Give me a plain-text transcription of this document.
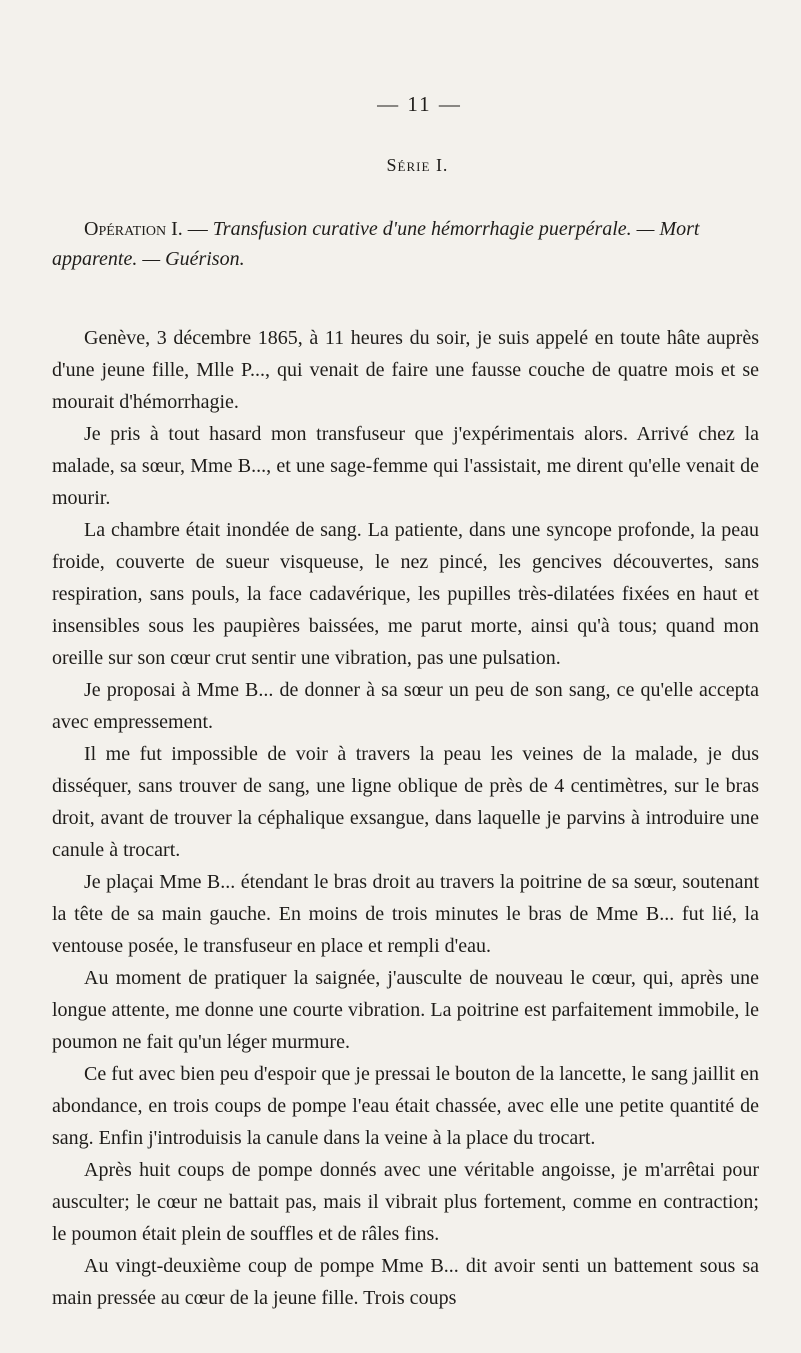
— 11 —
Série I.
Opération I. — Transfusion curative d'une hémorrhagie puerpérale. — Mort apparente. — Guérison.

Genève, 3 décembre 1865, à 11 heures du soir, je suis appelé en toute hâte auprès d'une jeune fille, Mlle P..., qui venait de faire une fausse couche de quatre mois et se mourait d'hémorrhagie.

Je pris à tout hasard mon transfuseur que j'expérimentais alors. Arrivé chez la malade, sa sœur, Mme B..., et une sage-femme qui l'assistait, me dirent qu'elle venait de mourir.

La chambre était inondée de sang. La patiente, dans une syncope profonde, la peau froide, couverte de sueur visqueuse, le nez pincé, les gencives découvertes, sans respiration, sans pouls, la face cadavérique, les pupilles très-dilatées fixées en haut et insensibles sous les paupières baissées, me parut morte, ainsi qu'à tous; quand mon oreille sur son cœur crut sentir une vibration, pas une pulsation.

Je proposai à Mme B... de donner à sa sœur un peu de son sang, ce qu'elle accepta avec empressement.

Il me fut impossible de voir à travers la peau les veines de la malade, je dus disséquer, sans trouver de sang, une ligne oblique de près de 4 centimètres, sur le bras droit, avant de trouver la céphalique exsangue, dans laquelle je parvins à introduire une canule à trocart.

Je plaçai Mme B... étendant le bras droit au travers la poitrine de sa sœur, soutenant la tête de sa main gauche. En moins de trois minutes le bras de Mme B... fut lié, la ventouse posée, le transfuseur en place et rempli d'eau.

Au moment de pratiquer la saignée, j'ausculte de nouveau le cœur, qui, après une longue attente, me donne une courte vibration. La poitrine est parfaitement immobile, le poumon ne fait qu'un léger murmure.

Ce fut avec bien peu d'espoir que je pressai le bouton de la lancette, le sang jaillit en abondance, en trois coups de pompe l'eau était chassée, avec elle une petite quantité de sang. Enfin j'introduisis la canule dans la veine à la place du trocart.

Après huit coups de pompe donnés avec une véritable angoisse, je m'arrêtai pour ausculter; le cœur ne battait pas, mais il vibrait plus fortement, comme en contraction; le poumon était plein de souffles et de râles fins.

Au vingt-deuxième coup de pompe Mme B... dit avoir senti un battement sous sa main pressée au cœur de la jeune fille. Trois coups
